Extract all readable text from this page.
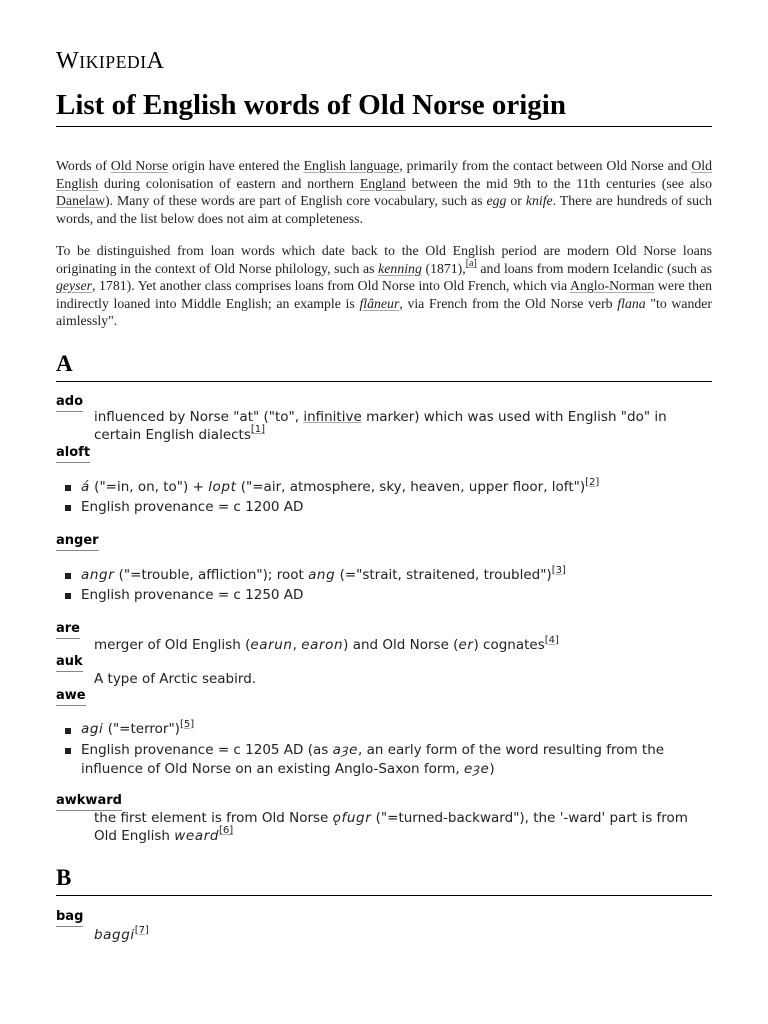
WIKIPEDIA
List of English words of Old Norse origin

Words of Old Norse origin have entered the English language, primarily from the contact between Old Norse and Old English during colonisation of eastern and northern England between the mid 9th to the 11th centuries (see also Danelaw). Many of these words are part of English core vocabulary, such as egg or knife. There are hundreds of such words, and the list below does not aim at completeness.

To be distinguished from loan words which date back to the Old English period are modern Old Norse loans originating in the context of Old Norse philology, such as kenning (1871),[a] and loans from modern Icelandic (such as geyser, 1781). Yet another class comprises loans from Old Norse into Old French, which via Anglo-Norman were then indirectly loaned into Middle English; an example is flâneur, via French from the Old Norse verb flana "to wander aimlessly".

A
ado
influenced by Norse "at" ("to", infinitive marker) which was used with English "do" in certain English dialects[1]
aloft
á ("=in, on, to") + lopt ("=air, atmosphere, sky, heaven, upper floor, loft")[2]
English provenance = c 1200 AD
anger
angr ("=trouble, affliction"); root ang (="strait, straitened, troubled")[3]
English provenance = c 1250 AD
are
merger of Old English (earun, earon) and Old Norse (er) cognates[4]
auk
A type of Arctic seabird.
awe
agi ("=terror")[5]
English provenance = c 1205 AD (as aȝe, an early form of the word resulting from the influence of Old Norse on an existing Anglo-Saxon form, eȝe)
awkward
the first element is from Old Norse ǫfugr ("=turned-backward"), the '-ward' part is from Old English weard[6]
B
bag
baggi[7]
